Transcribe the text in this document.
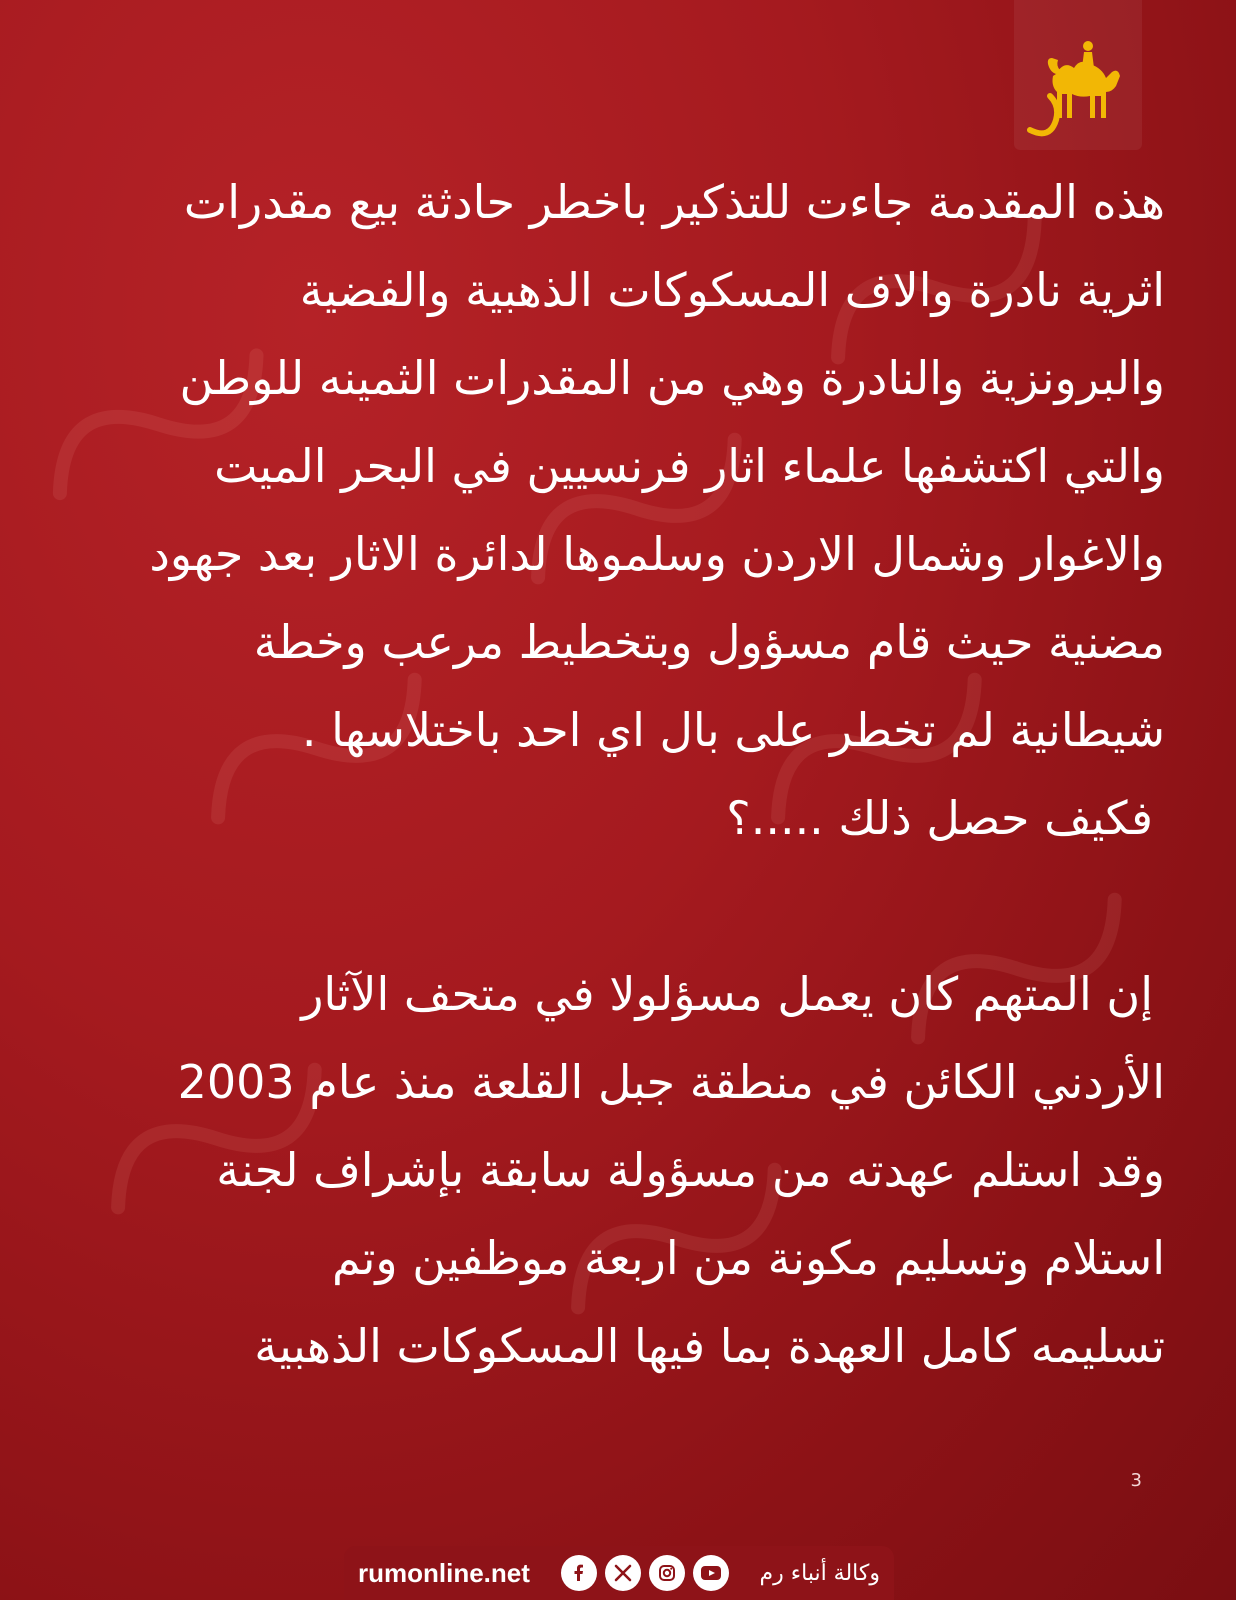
هذه المقدمة جاءت للتذكير باخطر حادثة بيع مقدرات

اثرية نادرة والاف المسكوكات الذهبية والفضية

والبرونزية والنادرة وهي من المقدرات الثمينه للوطن

والتي اكتشفها علماء اثار فرنسيين في البحر الميت

والاغوار وشمال الاردن وسلموها لدائرة الاثار بعد جهود

مضنية حيث قام مسؤول وبتخطيط مرعب وخطة

شيطانية لم تخطر على بال اي احد باختلاسها .

فكيف حصل ذلك .....؟

إن المتهم كان يعمل مسؤلولا في متحف الآثار

الأردني الكائن في منطقة جبل القلعة منذ عام 2003

وقد استلم عهدته من مسؤولة سابقة بإشراف لجنة

استلام وتسليم مكونة من اربعة موظفين وتم

تسليمه كامل العهدة بما فيها المسكوكات الذهبية

3
rumonline.net	وكالة أنباء رم
